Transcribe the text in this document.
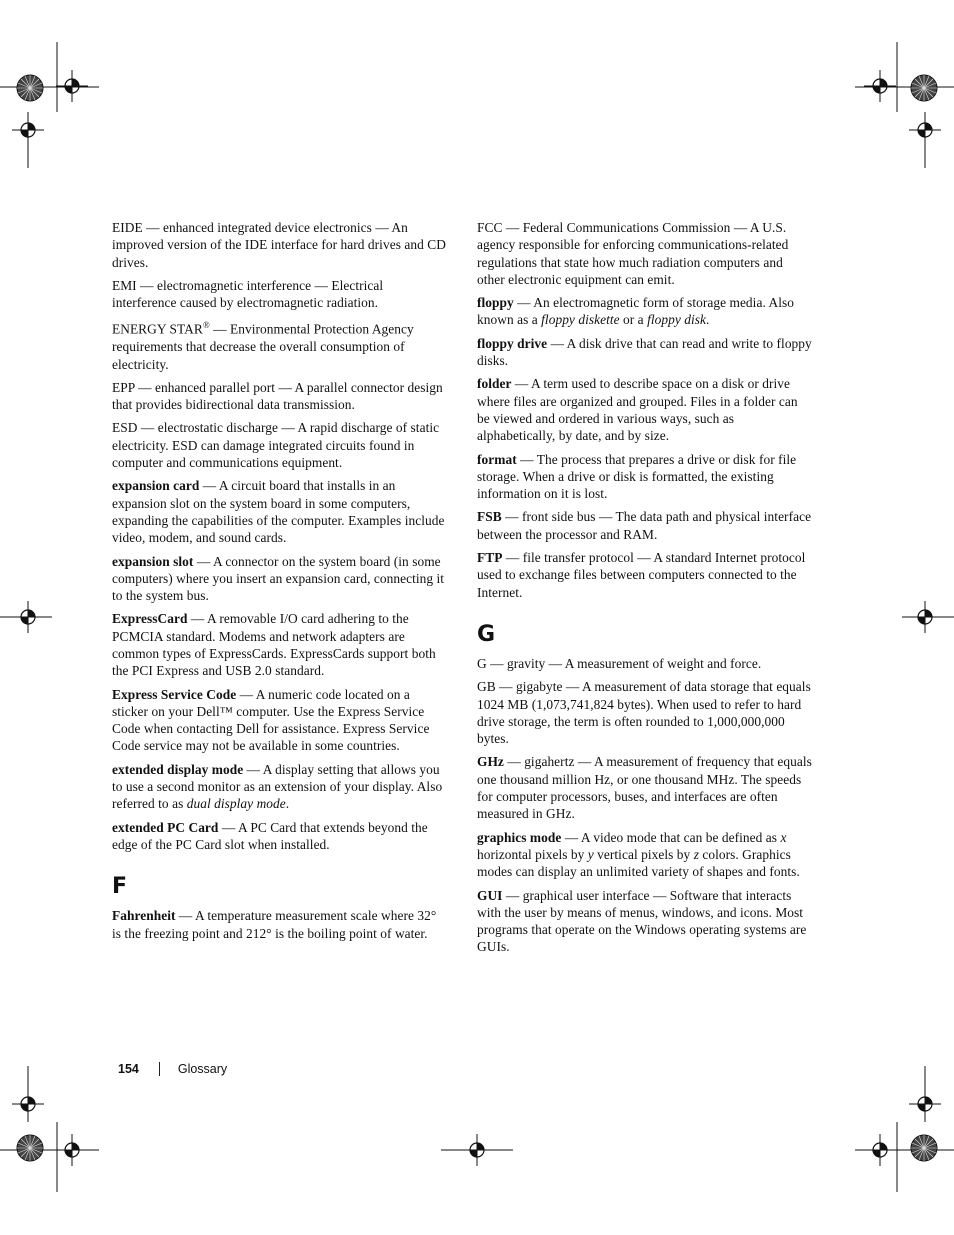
EIDE — enhanced integrated device electronics — An improved version of the IDE interface for hard drives and CD drives.

EMI — electromagnetic interference — Electrical interference caused by electromagnetic radiation.

ENERGY STAR® — Environmental Protection Agency requirements that decrease the overall consumption of electricity.

EPP — enhanced parallel port — A parallel connector design that provides bidirectional data transmission.

ESD — electrostatic discharge — A rapid discharge of static electricity. ESD can damage integrated circuits found in computer and communications equipment.

expansion card — A circuit board that installs in an expansion slot on the system board in some computers, expanding the capabilities of the computer. Examples include video, modem, and sound cards.

expansion slot — A connector on the system board (in some computers) where you insert an expansion card, connecting it to the system bus.

ExpressCard — A removable I/O card adhering to the PCMCIA standard. Modems and network adapters are common types of ExpressCards. ExpressCards support both the PCI Express and USB 2.0 standard.

Express Service Code — A numeric code located on a sticker on your Dell™ computer. Use the Express Service Code when contacting Dell for assistance. Express Service Code service may not be available in some countries.

extended display mode — A display setting that allows you to use a second monitor as an extension of your display. Also referred to as dual display mode.

extended PC Card — A PC Card that extends beyond the edge of the PC Card slot when installed.

F

Fahrenheit — A temperature measurement scale where 32° is the freezing point and 212° is the boiling point of water.

FCC — Federal Communications Commission — A U.S. agency responsible for enforcing communications-related regulations that state how much radiation computers and other electronic equipment can emit.

floppy — An electromagnetic form of storage media. Also known as a floppy diskette or a floppy disk.

floppy drive — A disk drive that can read and write to floppy disks.

folder — A term used to describe space on a disk or drive where files are organized and grouped. Files in a folder can be viewed and ordered in various ways, such as alphabetically, by date, and by size.

format — The process that prepares a drive or disk for file storage. When a drive or disk is formatted, the existing information on it is lost.

FSB — front side bus — The data path and physical interface between the processor and RAM.

FTP — file transfer protocol — A standard Internet protocol used to exchange files between computers connected to the Internet.

G

G — gravity — A measurement of weight and force.

GB — gigabyte — A measurement of data storage that equals 1024 MB (1,073,741,824 bytes). When used to refer to hard drive storage, the term is often rounded to 1,000,000,000 bytes.

GHz — gigahertz — A measurement of frequency that equals one thousand million Hz, or one thousand MHz. The speeds for computer processors, buses, and interfaces are often measured in GHz.

graphics mode — A video mode that can be defined as x horizontal pixels by y vertical pixels by z colors. Graphics modes can display an unlimited variety of shapes and fonts.

GUI — graphical user interface — Software that interacts with the user by means of menus, windows, and icons. Most programs that operate on the Windows operating systems are GUIs.

154	Glossary
